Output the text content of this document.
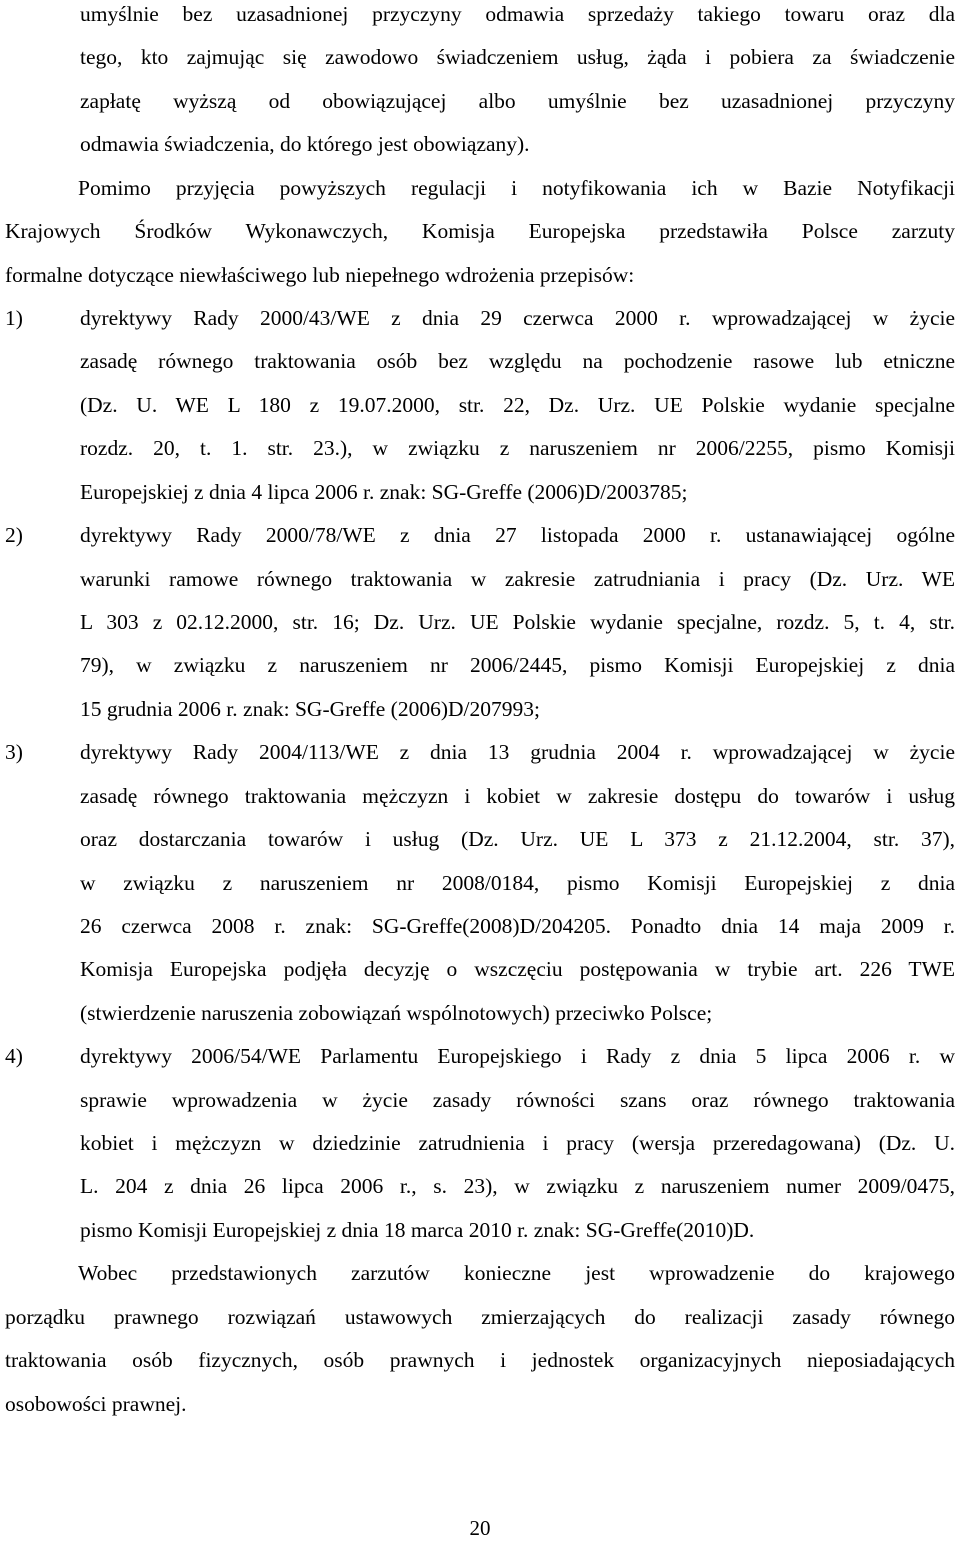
umyślnie bez uzasadnionej przyczyny odmawia sprzedaży takiego towaru oraz dla
tego, kto zajmując się zawodowo świadczeniem usług, żąda i pobiera za świadczenie
zapłatę wyższą od obowiązującej albo umyślnie bez uzasadnionej przyczyny
odmawia świadczenia, do którego jest obowiązany).
Pomimo przyjęcia powyższych regulacji i notyfikowania ich w Bazie Notyfikacji
Krajowych Środków Wykonawczych, Komisja Europejska przedstawiła Polsce zarzuty
formalne dotyczące niewłaściwego lub niepełnego wdrożenia przepisów:
1)	dyrektywy Rady 2000/43/WE z dnia 29 czerwca 2000 r. wprowadzającej w życie
zasadę równego traktowania osób bez względu na pochodzenie rasowe lub etniczne
(Dz. U. WE L 180 z 19.07.2000, str. 22, Dz. Urz. UE Polskie wydanie specjalne
rozdz. 20, t. 1. str. 23.), w związku z naruszeniem nr 2006/2255, pismo Komisji
Europejskiej z dnia 4 lipca 2006 r. znak: SG-Greffe (2006)D/2003785;
2)	dyrektywy Rady 2000/78/WE z dnia 27 listopada 2000 r. ustanawiającej ogólne
warunki ramowe równego traktowania w zakresie zatrudniania i pracy (Dz. Urz. WE
L 303 z 02.12.2000, str. 16; Dz. Urz. UE Polskie wydanie specjalne, rozdz. 5, t. 4, str.
79), w związku z naruszeniem nr 2006/2445, pismo Komisji Europejskiej z dnia
15 grudnia 2006 r. znak: SG-Greffe (2006)D/207993;
3)	dyrektywy Rady 2004/113/WE z dnia 13 grudnia 2004 r. wprowadzającej w życie
zasadę równego traktowania mężczyzn i kobiet w zakresie dostępu do towarów i usług
oraz dostarczania towarów i usług (Dz. Urz. UE L 373 z 21.12.2004, str. 37),
w związku z naruszeniem nr 2008/0184, pismo Komisji Europejskiej z dnia
26 czerwca 2008 r. znak: SG-Greffe(2008)D/204205. Ponadto dnia 14 maja 2009 r.
Komisja Europejska podjęła decyzję o wszczęciu postępowania w trybie art. 226 TWE
(stwierdzenie naruszenia zobowiązań wspólnotowych) przeciwko Polsce;
4)	dyrektywy 2006/54/WE Parlamentu Europejskiego i Rady z dnia 5 lipca 2006 r. w
sprawie wprowadzenia w życie zasady równości szans oraz równego traktowania
kobiet i mężczyzn w dziedzinie zatrudnienia i pracy (wersja przeredagowana) (Dz. U.
L. 204 z dnia 26 lipca 2006 r., s. 23), w związku z naruszeniem numer 2009/0475,
pismo Komisji Europejskiej z dnia 18 marca 2010 r. znak: SG-Greffe(2010)D.
Wobec przedstawionych zarzutów konieczne jest wprowadzenie do krajowego
porządku prawnego rozwiązań ustawowych zmierzających do realizacji zasady równego
traktowania osób fizycznych, osób prawnych i jednostek organizacyjnych nieposiadających
osobowości prawnej.
20
